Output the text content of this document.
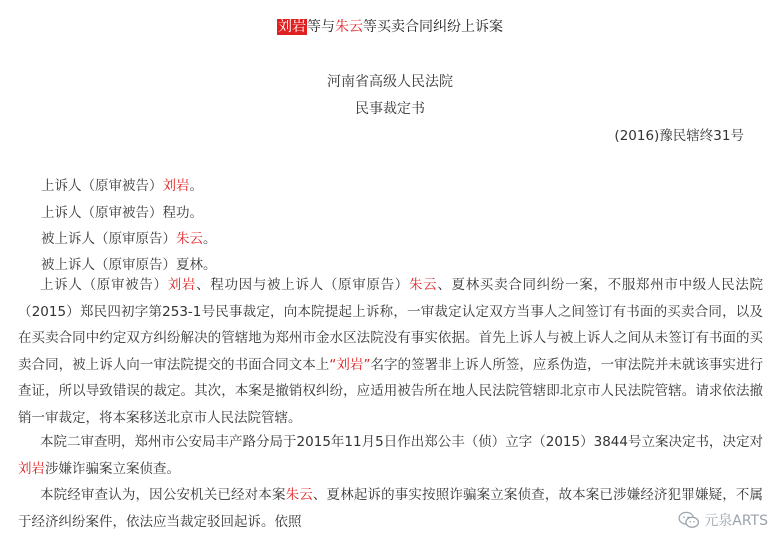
刘岩等与朱云等买卖合同纠纷上诉案
河南省高级人民法院
民事裁定书
(2016)豫民辖终31号
上诉人（原审被告）刘岩。
上诉人（原审被告）程功。
被上诉人（原审原告）朱云。
被上诉人（原审原告）夏林。
上诉人（原审被告）刘岩、程功因与被上诉人（原审原告）朱云、夏林买卖合同纠纷一案，不服郑州市中级人民法院（2015）郑民四初字第253-1号民事裁定，向本院提起上诉称，一审裁定认定双方当事人之间签订有书面的买卖合同，以及在买卖合同中约定双方纠纷解决的管辖地为郑州市金水区法院没有事实依据。首先上诉人与被上诉人之间从未签订有书面的买卖合同，被上诉人向一审法院提交的书面合同文本上“刘岩”名字的签署非上诉人所签，应系伪造，一审法院并未就该事实进行查证，所以导致错误的裁定。其次，本案是撤销权纠纷，应适用被告所在地人民法院管辖即北京市人民法院管辖。请求依法撤销一审裁定，将本案移送北京市人民法院管辖。
本院二审查明，郑州市公安局丰产路分局于2015年11月5日作出郑公丰（侦）立字（2015）3844号立案决定书，决定对刘岩涉嫌诈骗案立案侦查。
本院经审查认为，因公安机关已经对本案朱云、夏林起诉的事实按照诈骗案立案侦查，故本案已涉嫌经济犯罪嫌疑，不属于经济纠纷案件，依法应当裁定驳回起诉。依照	元泉ARTS
